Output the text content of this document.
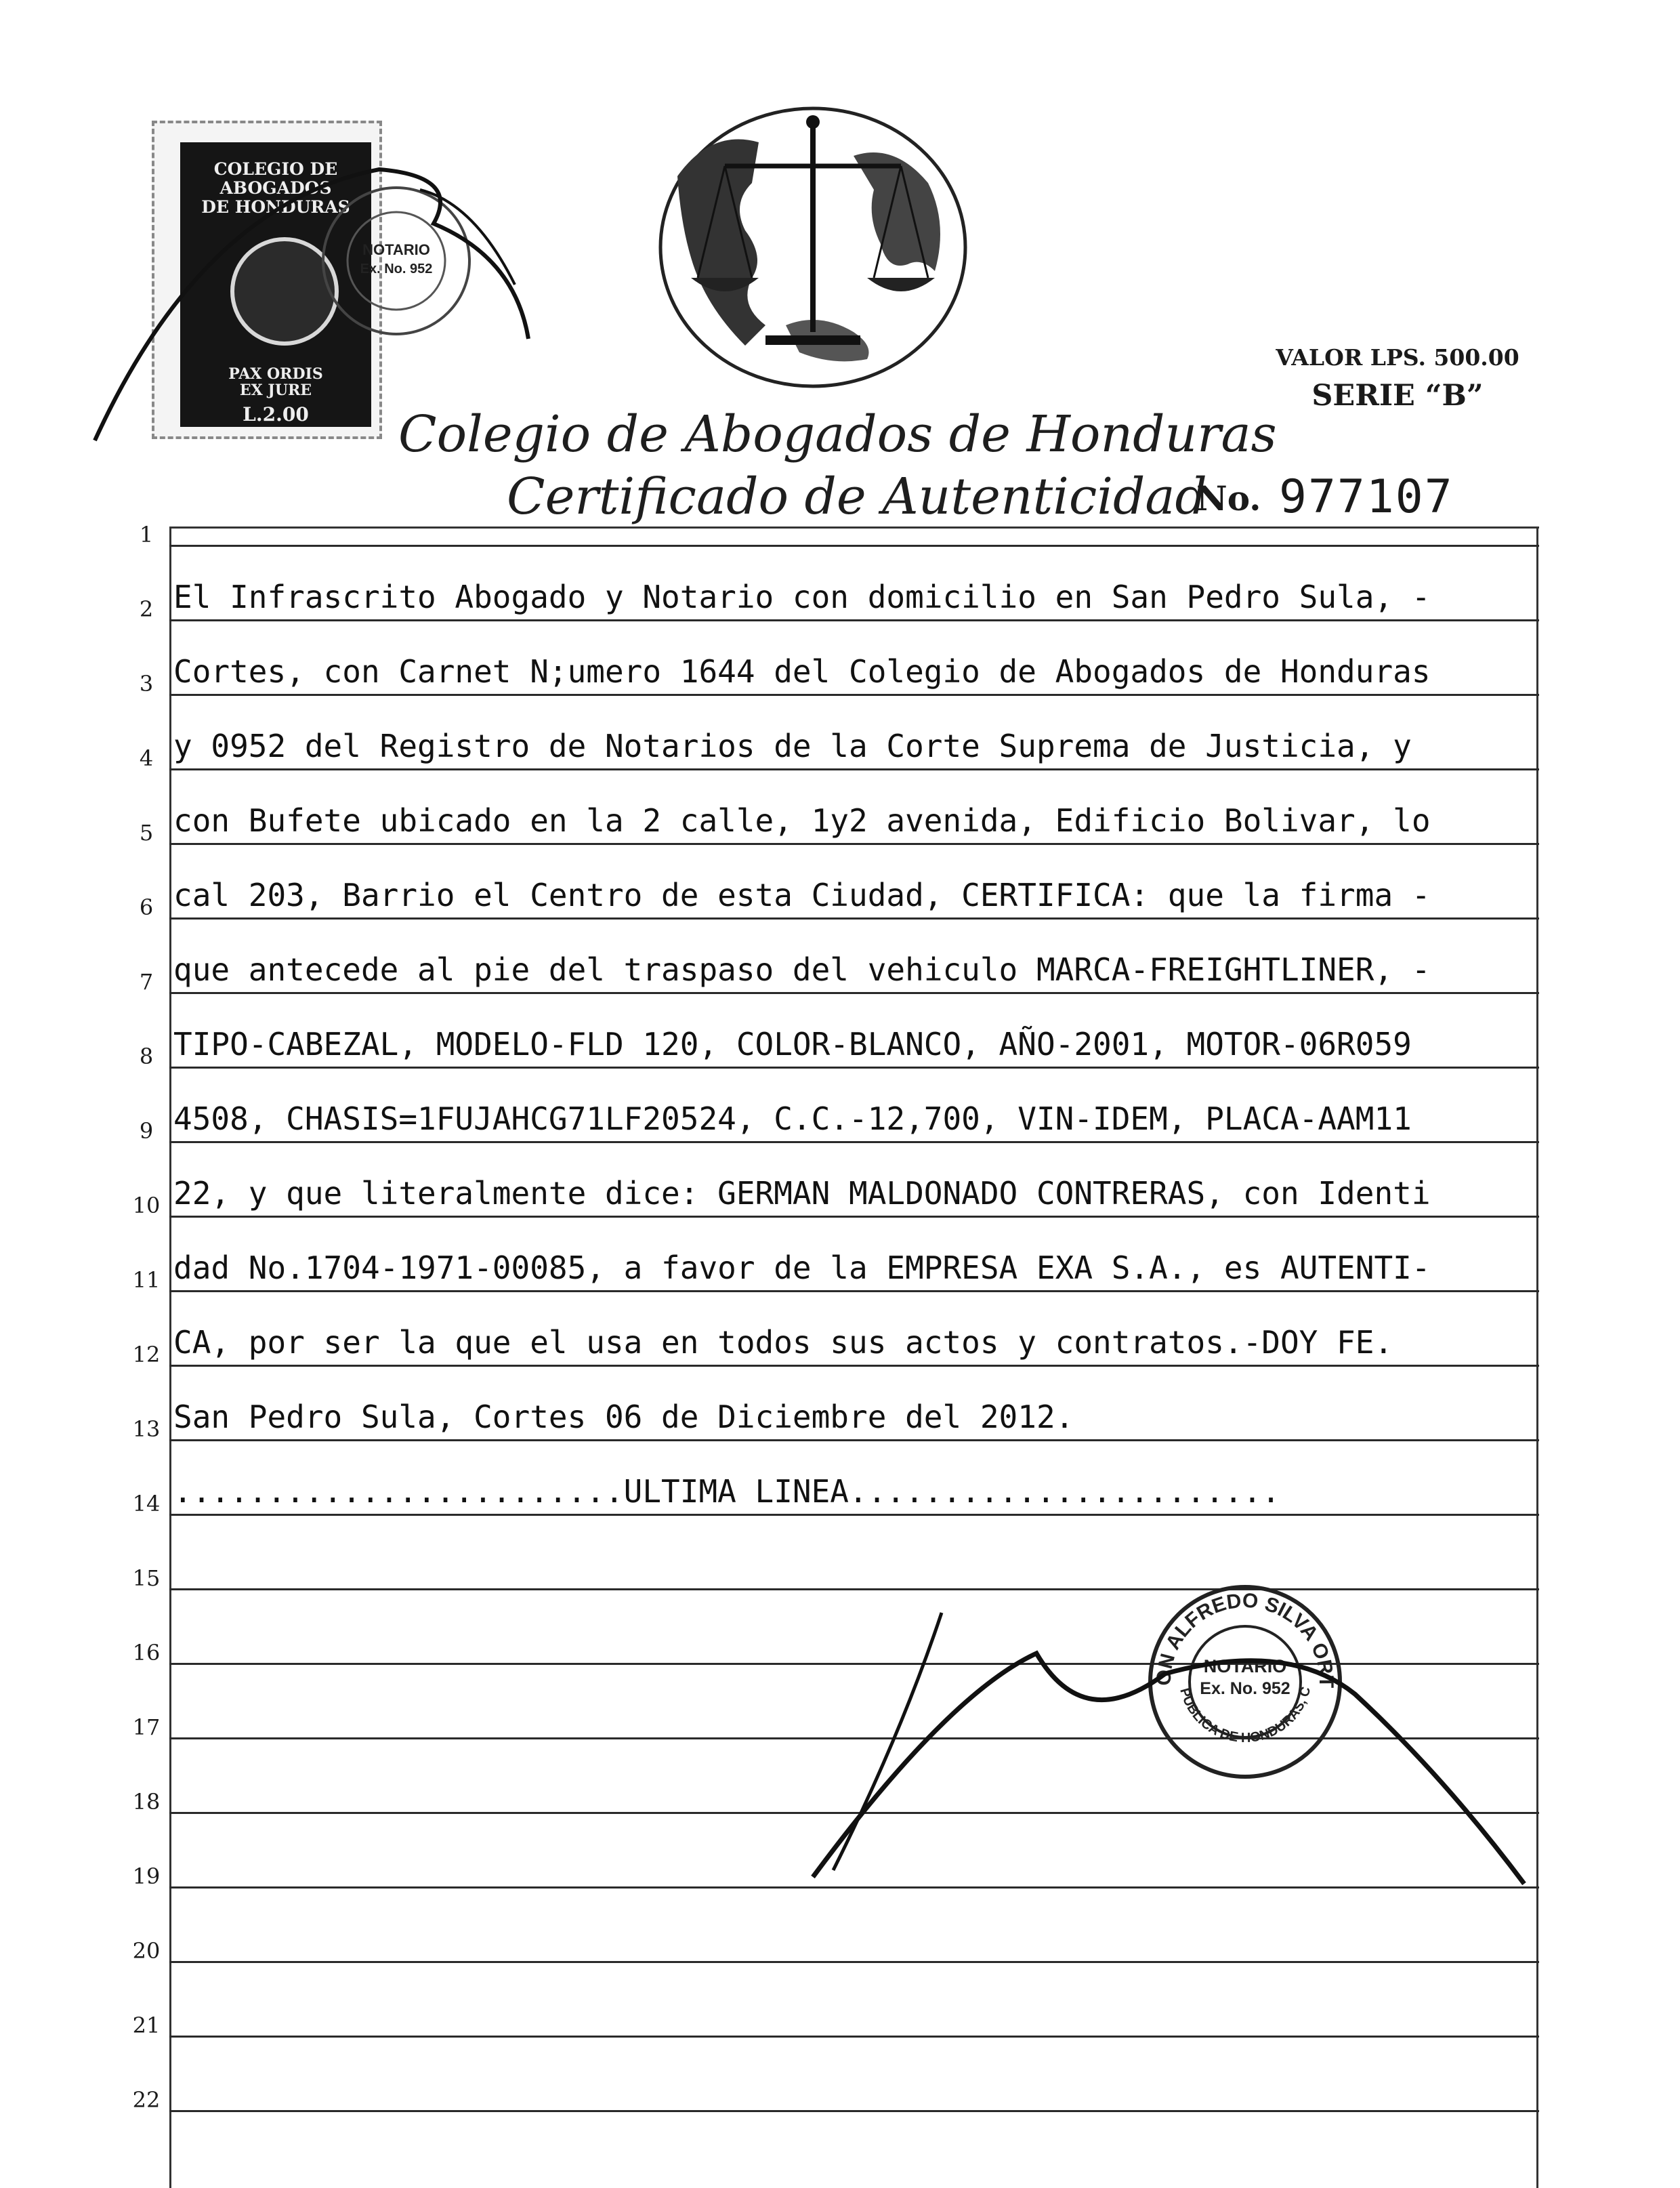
COLEGIO DE
ABOGADOS
DE HONDURAS
PAX ORDIS
EX JURE
L.2.00
NOTARIO
Ex. No. 952
VALOR LPS. 500.00
SERIE “B”
Colegio de Abogados de Honduras
Certificado de Autenticidad
No. 977107
1
2 El Infrascrito Abogado y Notario con domicilio en San Pedro Sula, -
3 Cortes, con Carnet N;umero 1644 del Colegio de Abogados de Honduras
4 y 0952 del Registro de Notarios de la Corte Suprema de Justicia, y
5 con Bufete ubicado en la 2 calle, 1y2 avenida, Edificio Bolivar, lo
6 cal 203, Barrio el Centro de esta Ciudad, CERTIFICA: que la firma -
7 que antecede al pie del traspaso del vehiculo MARCA-FREIGHTLINER, -
8 TIPO-CABEZAL, MODELO-FLD 120, COLOR-BLANCO, AÑO-2001, MOTOR-06R059
9 4508, CHASIS=1FUJAHCG71LF20524, C.C.-12,700, VIN-IDEM, PLACA-AAM11
10 22, y que literalmente dice: GERMAN MALDONADO CONTRERAS, con Identi
11 dad No.1704-1971-00085, a favor de la EMPRESA EXA S.A., es AUTENTI-
12 CA, por ser la que el usa en todos sus actos y contratos.-DOY FE.
13 San Pedro Sula, Cortes 06 de Diciembre del 2012.
14 ........................ULTIMA LINEA.......................
15
16
17
18
19
20
21
22
ON ALFREDO SILVA ORT
PUBLICA DE HONDURAS, C
NOTARIO
Ex. No. 952
